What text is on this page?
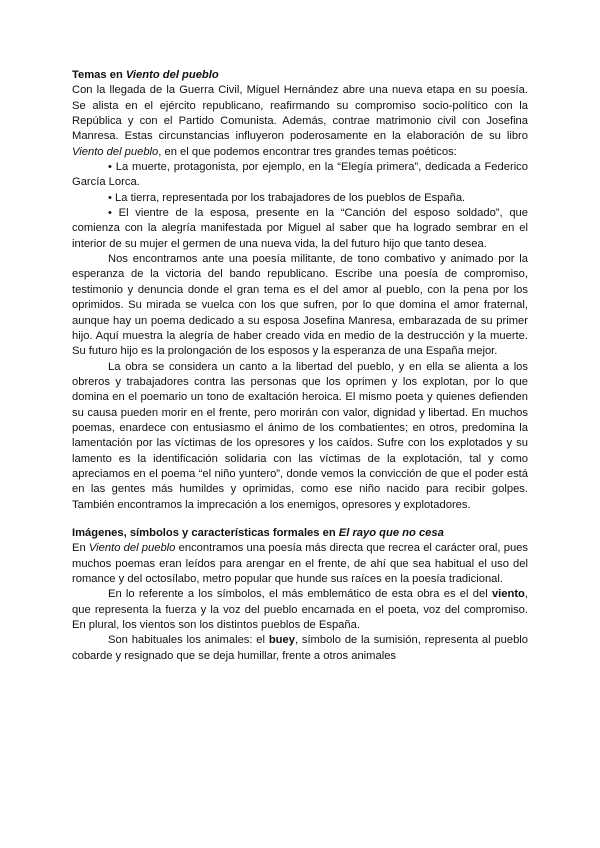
Temas en Viento del pueblo

Con la llegada de la Guerra Civil, Miguel Hernández abre una nueva etapa en su poesía. Se alista en el ejército republicano, reafirmando su compromiso socio-político con la República y con el Partido Comunista. Además, contrae matrimonio civil con Josefina Manresa. Estas circunstancias influyeron poderosamente en la elaboración de su libro Viento del pueblo, en el que podemos encontrar tres grandes temas poéticos:

• La muerte, protagonista, por ejemplo, en la “Elegía primera”, dedicada a Federico García Lorca.

• La tierra, representada por los trabajadores de los pueblos de España.

• El vientre de la esposa, presente en la “Canción del esposo soldado”, que comienza con la alegría manifestada por Miguel al saber que ha logrado sembrar en el interior de su mujer el germen de una nueva vida, la del futuro hijo que tanto desea.

Nos encontramos ante una poesía militante, de tono combativo y animado por la esperanza de la victoria del bando republicano. Escribe una poesía de compromiso, testimonio y denuncia donde el gran tema es el del amor al pueblo, con la pena por los oprimidos. Su mirada se vuelca con los que sufren, por lo que domina el amor fraternal, aunque hay un poema dedicado a su esposa Josefina Manresa, embarazada de su primer hijo. Aquí muestra la alegría de haber creado vida en medio de la destrucción y la muerte. Su futuro hijo es la prolongación de los esposos y la esperanza de una España mejor.

La obra se considera un canto a la libertad del pueblo, y en ella se alienta a los obreros y trabajadores contra las personas que los oprimen y los explotan, por lo que domina en el poemario un tono de exaltación heroica. El mismo poeta y quienes defienden su causa pueden morir en el frente, pero morirán con valor, dignidad y libertad. En muchos poemas, enardece con entusiasmo el ánimo de los combatientes; en otros, predomina la lamentación por las víctimas de los opresores y los caídos. Sufre con los explotados y su lamento es la identificación solidaria con las víctimas de la explotación, tal y como apreciamos en el poema “el niño yuntero”, donde vemos la convicción de que el poder está en las gentes más humildes y oprimidas, como ese niño nacido para recibir golpes. También encontramos la imprecación a los enemigos, opresores y explotadores.

Imágenes, símbolos y características formales en El rayo que no cesa

En Viento del pueblo encontramos una poesía más directa que recrea el carácter oral, pues muchos poemas eran leídos para arengar en el frente, de ahí que sea habitual el uso del romance y del octosílabo, metro popular que hunde sus raíces en la poesía tradicional.

En lo referente a los símbolos, el más emblemático de esta obra es el del viento, que representa la fuerza y la voz del pueblo encarnada en el poeta, voz del compromiso. En plural, los vientos son los distintos pueblos de España.

Son habituales los animales: el buey, símbolo de la sumisión, representa al pueblo cobarde y resignado que se deja humillar, frente a otros animales
